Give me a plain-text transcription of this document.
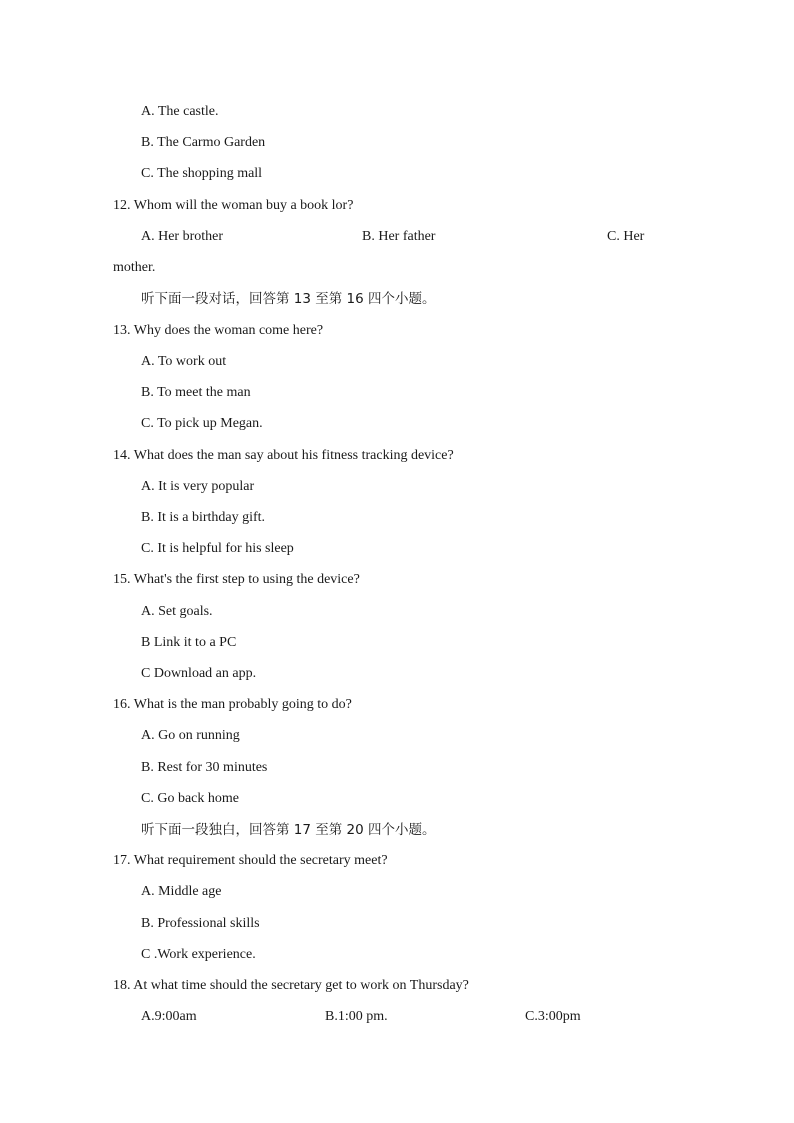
A. The castle.
B. The Carmo Garden
C. The shopping mall
12. Whom will the woman buy a book lor?
A. Her brother	B. Her father	C. Her
mother.
听下面一段对话，回答第 13 至第 16 四个小题。
13. Why does the woman come here?
A. To work out
B. To meet the man
C. To pick up Megan.
14. What does the man say about his fitness tracking device?
A. It is very popular
B. It is a birthday gift.
C. It is helpful for his sleep
15. What's the first step to using the device?
A. Set goals.
B Link it to a PC
C Download an app.
16. What is the man probably going to do?
A. Go on running
B. Rest for 30 minutes
C. Go back home
听下面一段独白，回答第 17 至第 20 四个小题。
17. What requirement should the secretary meet?
A. Middle age
B. Professional skills
C .Work experience.
18. At what time should the secretary get to work on Thursday?
A.9:00am	B.1:00 pm.	C.3:00pm
